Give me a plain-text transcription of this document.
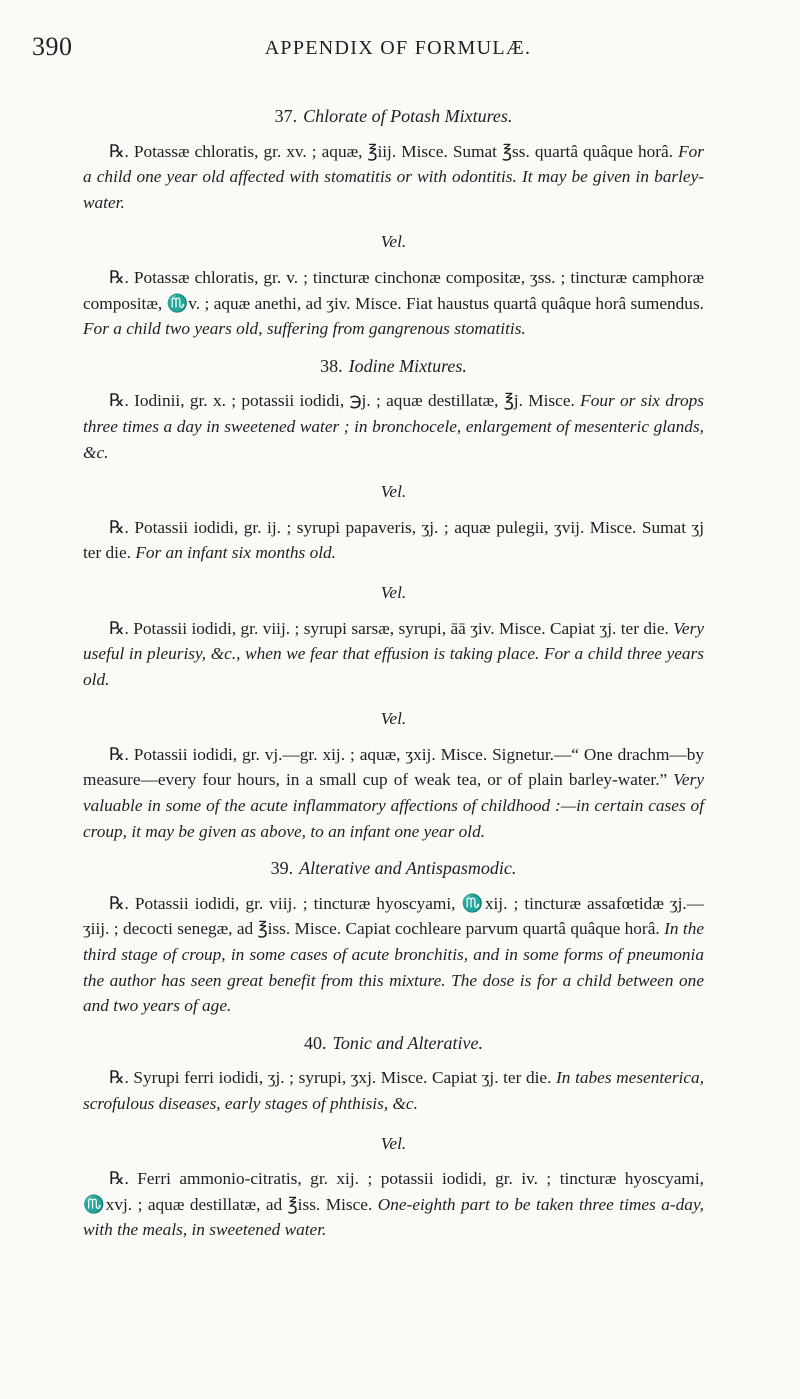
390	APPENDIX OF FORMULÆ.
37. Chlorate of Potash Mixtures.

℞. Potassæ chloratis, gr. xv. ; aquæ, ℥iij. Misce. Sumat ℥ss. quartâ quâque horâ. For a child one year old affected with stomatitis or with odontitis. It may be given in barley-water.

Vel.

℞. Potassæ chloratis, gr. v. ; tincturæ cinchonæ compositæ, ʒss. ; tincturæ camphoræ compositæ, ♏v. ; aquæ anethi, ad ʒiv. Misce. Fiat haustus quartâ quâque horâ sumendus. For a child two years old, suffering from gangrenous stomatitis.

38. Iodine Mixtures.

℞. Iodinii, gr. x. ; potassii iodidi, ℈j. ; aquæ destillatæ, ℥j. Misce. Four or six drops three times a day in sweetened water ; in bronchocele, enlargement of mesenteric glands, &c.

Vel.

℞. Potassii iodidi, gr. ij. ; syrupi papaveris, ʒj. ; aquæ pulegii, ʒvij. Misce. Sumat ʒj ter die. For an infant six months old.

Vel.

℞. Potassii iodidi, gr. viij. ; syrupi sarsæ, syrupi, āā ʒiv. Misce. Capiat ʒj. ter die. Very useful in pleurisy, &c., when we fear that effusion is taking place. For a child three years old.

Vel.

℞. Potassii iodidi, gr. vj.—gr. xij. ; aquæ, ʒxij. Misce. Signetur.—“ One drachm—by measure—every four hours, in a small cup of weak tea, or of plain barley-water.” Very valuable in some of the acute inflammatory affections of childhood :—in certain cases of croup, it may be given as above, to an infant one year old.

39. Alterative and Antispasmodic.

℞. Potassii iodidi, gr. viij. ; tincturæ hyoscyami, ♏xij. ; tincturæ assafœtidæ ʒj.—ʒiij. ; decocti senegæ, ad ℥iss. Misce. Capiat cochleare parvum quartâ quâque horâ. In the third stage of croup, in some cases of acute bronchitis, and in some forms of pneumonia the author has seen great benefit from this mixture. The dose is for a child between one and two years of age.

40. Tonic and Alterative.

℞. Syrupi ferri iodidi, ʒj. ; syrupi, ʒxj. Misce. Capiat ʒj. ter die. In tabes mesenterica, scrofulous diseases, early stages of phthisis, &c.

Vel.

℞. Ferri ammonio-citratis, gr. xij. ; potassii iodidi, gr. iv. ; tincturæ hyoscyami, ♏xvj. ; aquæ destillatæ, ad ℥iss. Misce. One-eighth part to be taken three times a-day, with the meals, in sweetened water.
